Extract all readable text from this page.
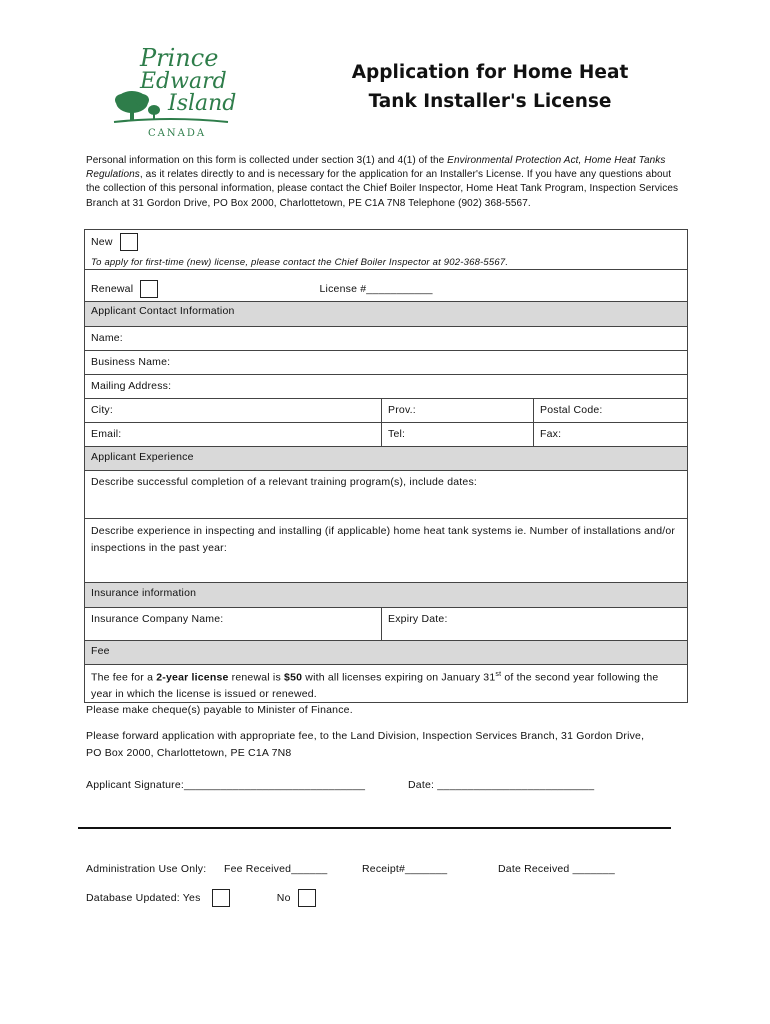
Prince
Edward
Island
CANADA
Application for Home Heat
Tank Installer's License
Personal information on this form is collected under section 3(1) and 4(1) of the Environmental Protection Act, Home Heat Tanks Regulations, as it relates directly to and is necessary for the application for an Installer's License. If you have any questions about the collection of this personal information, please contact the Chief Boiler Inspector, Home Heat Tank Program, Inspection Services Branch at 31 Gordon Drive, PO Box 2000, Charlottetown, PE C1A 7N8 Telephone (902) 368-5567.
New
To apply for first-time (new) license, please contact the Chief Boiler Inspector at 902-368-5567.		

Renewal License #___________		
Applicant Contact Information		
Name:		
Business Name:		
Mailing Address:		
City:	Prov.:	Postal Code:
Email:	Tel:	Fax:
Applicant Experience		
Describe successful completion of a relevant training program(s), include dates:		
Describe experience in inspecting and installing (if applicable) home heat tank systems ie. Number of installations and/or inspections in the past year:		
Insurance information		
Insurance Company Name:	Expiry Date:	
Fee		
The fee for a 2-year license renewal is $50 with all licenses expiring on January 31st of the second year following the year in which the license is issued or renewed.		
Please make cheque(s) payable to Minister of Finance.
Please forward application with appropriate fee, to the Land Division, Inspection Services Branch, 31 Gordon Drive, PO Box 2000, Charlottetown, PE C1A 7N8
Applicant Signature:______________________________	Date: __________________________
Administration Use Only: Fee Received______	Receipt#_______	Date Received _______
Database Updated: Yes	No
